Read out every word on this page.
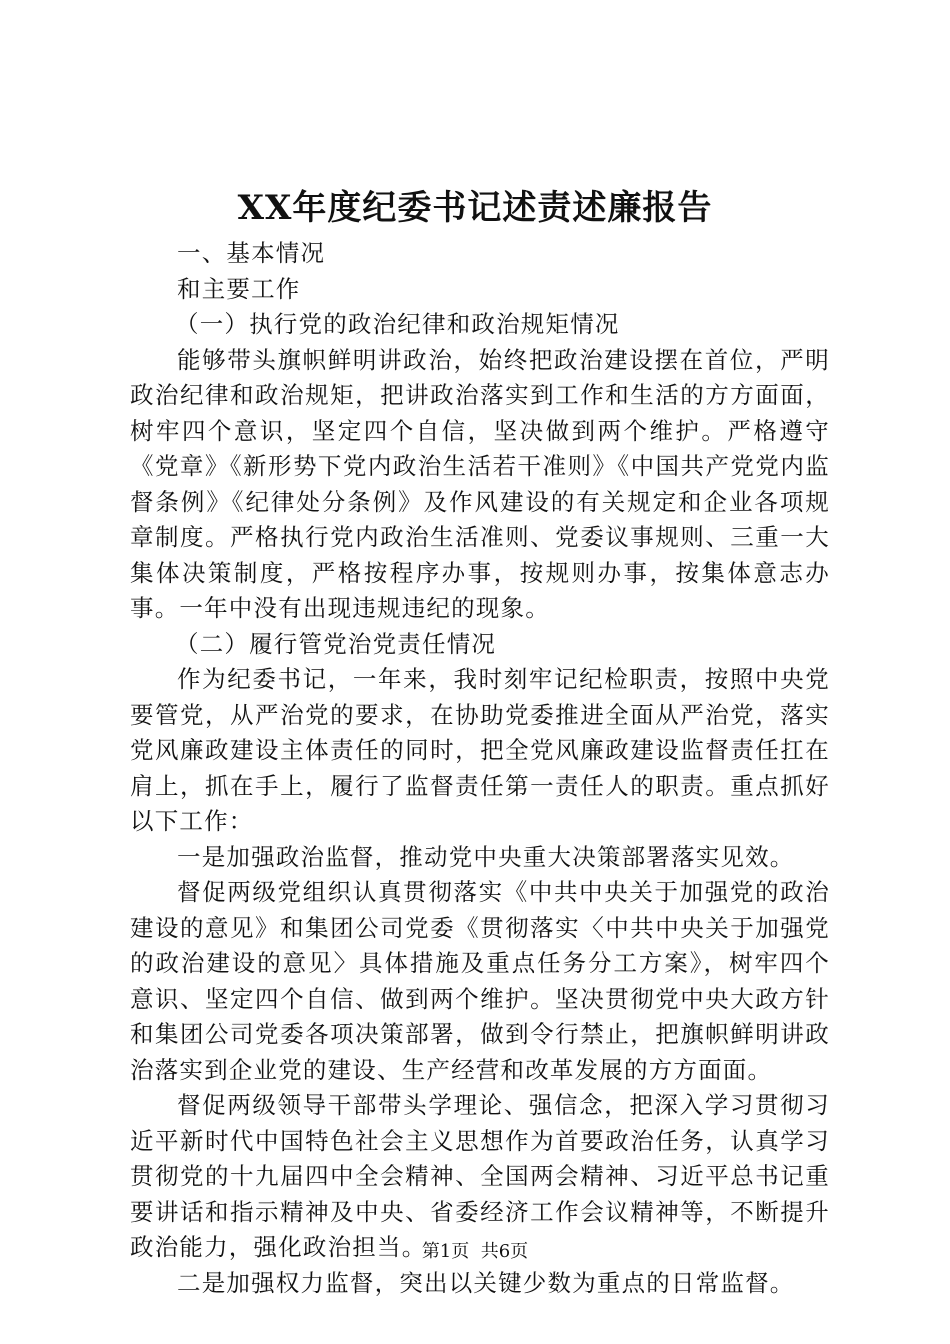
XX年度纪委书记述责述廉报告

一、基本情况

和主要工作

（一）执行党的政治纪律和政治规矩情况

能够带头旗帜鲜明讲政治，始终把政治建设摆在首位，严明政治纪律和政治规矩，把讲政治落实到工作和生活的方方面面，树牢四个意识，坚定四个自信，坚决做到两个维护。严格遵守《党章》《新形势下党内政治生活若干准则》《中国共产党党内监督条例》《纪律处分条例》及作风建设的有关规定和企业各项规章制度。严格执行党内政治生活准则、党委议事规则、三重一大集体决策制度，严格按程序办事，按规则办事，按集体意志办事。一年中没有出现违规违纪的现象。

（二）履行管党治党责任情况

作为纪委书记，一年来，我时刻牢记纪检职责，按照中央党要管党，从严治党的要求，在协助党委推进全面从严治党，落实党风廉政建设主体责任的同时，把全党风廉政建设监督责任扛在肩上，抓在手上，履行了监督责任第一责任人的职责。重点抓好以下工作：

一是加强政治监督，推动党中央重大决策部署落实见效。

督促两级党组织认真贯彻落实《中共中央关于加强党的政治建设的意见》和集团公司党委《贯彻落实〈中共中央关于加强党的政治建设的意见〉具体措施及重点任务分工方案》，树牢四个意识、坚定四个自信、做到两个维护。坚决贯彻党中央大政方针和集团公司党委各项决策部署，做到令行禁止，把旗帜鲜明讲政治落实到企业党的建设、生产经营和改革发展的方方面面。

督促两级领导干部带头学理论、强信念，把深入学习贯彻习近平新时代中国特色社会主义思想作为首要政治任务，认真学习贯彻党的十九届四中全会精神、全国两会精神、习近平总书记重要讲话和指示精神及中央、省委经济工作会议精神等，不断提升政治能力，强化政治担当。

二是加强权力监督，突出以关键少数为重点的日常监督。

第1页  共6页
